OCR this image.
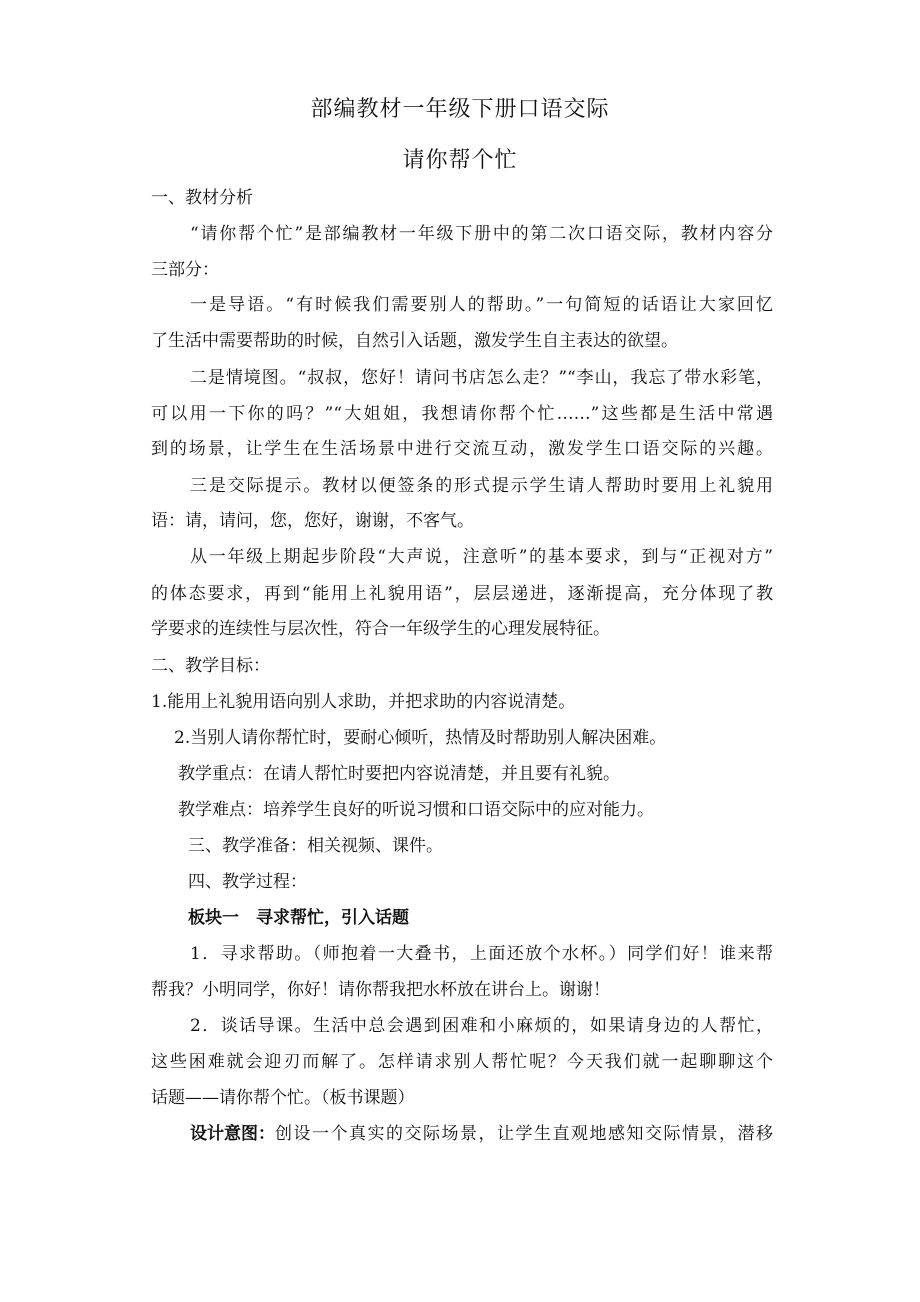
部编教材一年级下册口语交际
请你帮个忙
一、教材分析
“请你帮个忙”是部编教材一年级下册中的第二次口语交际，教材内容分
三部分：
一是导语。“有时候我们需要别人的帮助。”一句简短的话语让大家回忆
了生活中需要帮助的时候，自然引入话题，激发学生自主表达的欲望。
二是情境图。“叔叔，您好！请问书店怎么走？”“李山，我忘了带水彩笔，
可以用一下你的吗？”“大姐姐，我想请你帮个忙……”这些都是生活中常遇
到的场景，让学生在生活场景中进行交流互动，激发学生口语交际的兴趣。
三是交际提示。教材以便签条的形式提示学生请人帮助时要用上礼貌用
语：请，请问，您，您好，谢谢，不客气。
从一年级上期起步阶段“大声说，注意听”的基本要求，到与“正视对方”
的体态要求，再到“能用上礼貌用语”，层层递进，逐渐提高，充分体现了教
学要求的连续性与层次性，符合一年级学生的心理发展特征。
二、教学目标：
1.能用上礼貌用语向别人求助，并把求助的内容说清楚。
2.当别人请你帮忙时，要耐心倾听，热情及时帮助别人解决困难。
教学重点：在请人帮忙时要把内容说清楚，并且要有礼貌。
教学难点：培养学生良好的听说习惯和口语交际中的应对能力。
三、教学准备：相关视频、课件。
四、教学过程：
板块一　寻求帮忙，引入话题
1．寻求帮助。（师抱着一大叠书，上面还放个水杯。）同学们好！谁来帮
帮我？小明同学，你好！请你帮我把水杯放在讲台上。谢谢！
2．谈话导课。生活中总会遇到困难和小麻烦的，如果请身边的人帮忙，
这些困难就会迎刃而解了。怎样请求别人帮忙呢？今天我们就一起聊聊这个
话题——请你帮个忙。（板书课题）
设计意图： 创设一个真实的交际场景，让学生直观地感知交际情景，潜移
